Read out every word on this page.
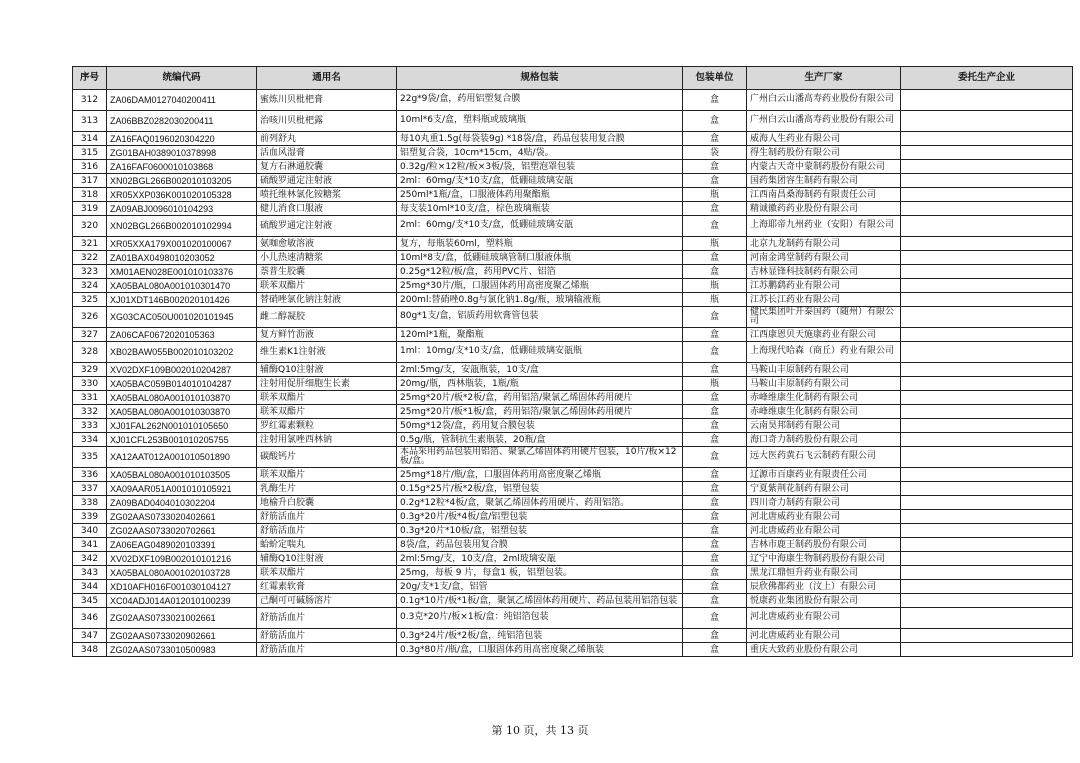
序号	统编代码	通用名	规格包装	包装单位	生产厂家	委托生产企业
312	ZA06DAM0127040200411	蜜炼川贝枇杷膏	22g*9袋/盒，药用铝塑复合膜	盒	广州白云山潘高寿药业股份有限公司	
313	ZA06BBZ0282030200411	治咳川贝枇杷露	10ml*6支/盒，塑料瓶或玻璃瓶	盒	广州白云山潘高寿药业股份有限公司	
314	ZA16FAQ0196020304220	前列舒丸	每10丸重1.5g(每袋装9g) *18袋/盒，药品包装用复合膜	盒	威海人生药业有限公司	
315	ZG01BAH0389010378998	活血风湿膏	铝塑复合袋，10cm*15cm，4贴/袋。	袋	得生制药股份有限公司	
316	ZA16FAF0600010103868	复方石淋通胶囊	0.32g/粒×12粒/板×3板/袋，铝塑泡罩包装	盒	内蒙古天奇中蒙制药股份有限公司	
317	XN02BGL266B002010103205	硫酸罗通定注射液	2ml：60mg/支*10支/盒，低硼硅玻璃安瓿	盒	国药集团容生制药有限公司	
318	XR05XXP036K001020105328	喷托维林氯化铵糖浆	250ml*1瓶/盒，口服液体药用聚酯瓶	瓶	江西南昌桑海制药有限责任公司	
319	ZA09ABJ0096010104293	健儿消食口服液	每支装10ml*10支/盒，棕色玻璃瓶装	盒	精诚徽药药业股份有限公司	
320	XN02BGL266B002010102994	硫酸罗通定注射液	2ml：60mg/支*10支/盒，低硼硅玻璃安瓿	盒	上海耶帝九州药业（安阳）有限公司	
321	XR05XXA179X001020100067	氨咖愈敏溶液	复方，每瓶装60ml，塑料瓶	瓶	北京九龙制药有限公司	
322	ZA01BAX0498010203052	小儿热速清糖浆	10ml*8支/盒，低硼硅玻璃管制口服液体瓶	盒	河南金鸿堂制药有限公司	
323	XM01AEN028E001010103376	萘普生胶囊	0.25g*12粒/板/盒，药用PVC片、铝箔	盒	吉林显锋科技制药有限公司	
324	XA05BAL080A001010301470	联苯双酯片	25mg*30片/瓶，口服固体药用高密度聚乙烯瓶	瓶	江苏鹏鹞药业有限公司	
325	XJ01XDT146B002020101426	替硝唑氯化钠注射液	200ml:替硝唑0.8g与氯化钠1.8g/瓶，玻璃输液瓶	瓶	江苏长江药业有限公司	
326	XG03CAC050U001020101945	雌二醇凝胶	80g*1支/盒，铝质药用软膏管包装	盒	健民集团叶开泰国药（随州）有限公司	
327	ZA06CAF0672020105363	复方鲜竹沥液	120ml*1瓶，聚酯瓶	盒	江西康恩贝天施康药业有限公司	
328	XB02BAW055B002010103202	维生素K1注射液	1ml：10mg/支*10支/盒，低硼硅玻璃安瓿瓶	盒	上海现代哈森（商丘）药业有限公司	
329	XV02DXF109B002010204287	辅酶Q10注射液	2ml:5mg/支，安瓿瓶装，10支/盒	盒	马鞍山丰原制药有限公司	
330	XA05BAC059B014010104287	注射用促肝细胞生长素	20mg/瓶，西林瓶装，1瓶/瓶	瓶	马鞍山丰原制药有限公司	
331	XA05BAL080A001010103870	联苯双酯片	25mg*20片/板*2板/盒，药用铝箔/聚氯乙烯固体药用硬片	盒	赤峰维康生化制药有限公司	
332	XA05BAL080A001010303870	联苯双酯片	25mg*20片/板*1板/盒，药用铝箔/聚氯乙烯固体药用硬片	盒	赤峰维康生化制药有限公司	
333	XJ01FAL262N001010105650	罗红霉素颗粒	50mg*12袋/盒，药用复合膜包装	盒	云南昊邦制药有限公司	
334	XJ01CFL253B001010205755	注射用氯唑西林钠	0.5g/瓶，管制抗生素瓶装，20瓶/盒	盒	海口奇力制药股份有限公司	
335	XA12AAT012A001010501890	碳酸钙片	本品采用药品包装用铝箔、聚氯乙烯固体药用硬片包装，10片/板×12板/盒。	盒	远大医药黄石飞云制药有限公司	
336	XA05BAL080A001010103505	联苯双酯片	25mg*18片/瓶/盒，口服固体药用高密度聚乙烯瓶	盒	辽源市百康药业有限责任公司	
337	XA09AAR051A001010105921	乳酶生片	0.15g*25片/板*2板/盒，铝塑包装	盒	宁夏紫荆花制药有限公司	
338	ZA09BAD0404010302204	地榆升白胶囊	0.2g*12粒*4板/盒，聚氯乙烯固体药用硬片、药用铝箔。	盒	四川奇力制药有限公司	
339	ZG02AAS0733020402661	舒筋活血片	0.3g*20片/板*4板/盒/铝塑包装	盒	河北唐威药业有限公司	
340	ZG02AAS0733020702661	舒筋活血片	0.3g*20片*10板/盒，铝塑包装	盒	河北唐威药业有限公司	
341	ZA06EAG0489020103391	蛤蚧定喘丸	8袋/盒，药品包装用复合膜	盒	吉林市鹿王制药股份有限公司	
342	XV02DXF109B002010101216	辅酶Q10注射液	2ml:5mg/支，10支/盒，2ml玻璃安瓿	盒	辽宁中海康生物制药股份有限公司	
343	XA05BAL080A001020103728	联苯双酯片	25mg，每板 9 片，每盒1 板，铝塑包装。	盒	黑龙江鼎恒升药业有限公司	
344	XD10AFH016F001030104127	红霉素软膏	20g/支*1支/盒，铝管	盒	辰欣佛都药业（汶上）有限公司	
345	XC04ADJ014A012010100239	己酮可可碱肠溶片	0.1g*10片/板*1板/盒，聚氯乙烯固体药用硬片、药品包装用铝箔包装	盒	悦康药业集团股份有限公司	
346	ZG02AAS0733021002661	舒筋活血片	0.3克*20片/板×1板/盒：纯铝箔包装	盒	河北唐威药业有限公司	
347	ZG02AAS0733020902661	舒筋活血片	0.3g*24片/板*2板/盒，纯铝箔包装	盒	河北唐威药业有限公司	
348	ZG02AAS0733010500983	舒筋活血片	0.3g*80片/瓶/盒，口服固体药用高密度聚乙烯瓶装	盒	重庆大致药业股份有限公司	
第 10 页，共 13 页
